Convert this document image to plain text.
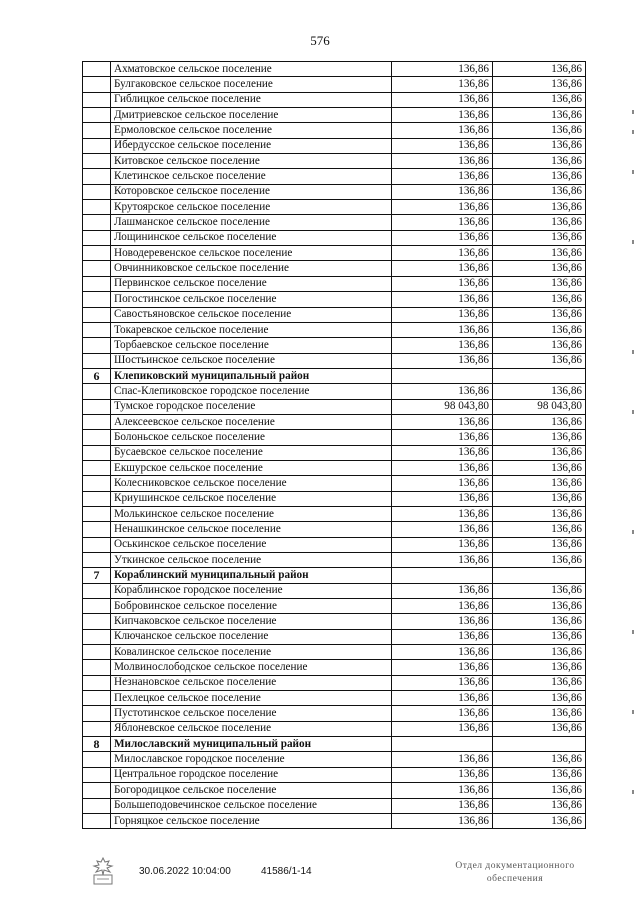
576
	Ахматовское сельское поселение	136,86	136,86
	Булгаковское сельское поселение	136,86	136,86
	Гиблицкое сельское поселение	136,86	136,86
	Дмитриевское сельское поселение	136,86	136,86
	Ермоловское сельское поселение	136,86	136,86
	Ибердусское сельское поселение	136,86	136,86
	Китовское сельское поселение	136,86	136,86
	Клетинское сельское поселение	136,86	136,86
	Которовское сельское поселение	136,86	136,86
	Крутоярское сельское поселение	136,86	136,86
	Лашманское сельское поселение	136,86	136,86
	Лощининское сельское поселение	136,86	136,86
	Новодеревенское сельское поселение	136,86	136,86
	Овчинниковское сельское поселение	136,86	136,86
	Первинское сельское поселение	136,86	136,86
	Погостинское сельское поселение	136,86	136,86
	Савостьяновское сельское поселение	136,86	136,86
	Токаревское сельское поселение	136,86	136,86
	Торбаевское сельское поселение	136,86	136,86
	Шостьинское сельское поселение	136,86	136,86
6	Клепиковский муниципальный район		
	Спас-Клепиковское городское поселение	136,86	136,86
	Тумское городское поселение	98 043,80	98 043,80
	Алексеевское сельское поселение	136,86	136,86
	Болоньское сельское поселение	136,86	136,86
	Бусаевское сельское поселение	136,86	136,86
	Екшурское сельское поселение	136,86	136,86
	Колесниковское сельское поселение	136,86	136,86
	Криушинское сельское поселение	136,86	136,86
	Молькинское сельское поселение	136,86	136,86
	Ненашкинское сельское поселение	136,86	136,86
	Оськинское сельское поселение	136,86	136,86
	Уткинское сельское поселение	136,86	136,86
7	Кораблинский муниципальный район		
	Кораблинское городское поселение	136,86	136,86
	Бобровинское сельское поселение	136,86	136,86
	Кипчаковское сельское поселение	136,86	136,86
	Ключанское сельское поселение	136,86	136,86
	Ковалинское сельское поселение	136,86	136,86
	Молвинослободское сельское поселение	136,86	136,86
	Незнановское сельское поселение	136,86	136,86
	Пехлецкое сельское поселение	136,86	136,86
	Пустотинское сельское поселение	136,86	136,86
	Яблоневское сельское поселение	136,86	136,86
8	Милославский муниципальный район		
	Милославское городское поселение	136,86	136,86
	Центральное городское поселение	136,86	136,86
	Богородицкое сельское поселение	136,86	136,86
	Большеподовечинское сельское поселение	136,86	136,86
	Горняцкое сельское поселение	136,86	136,86
30.06.2022 10:04:00	41586/1-14	Отдел документационного
обеспечения
